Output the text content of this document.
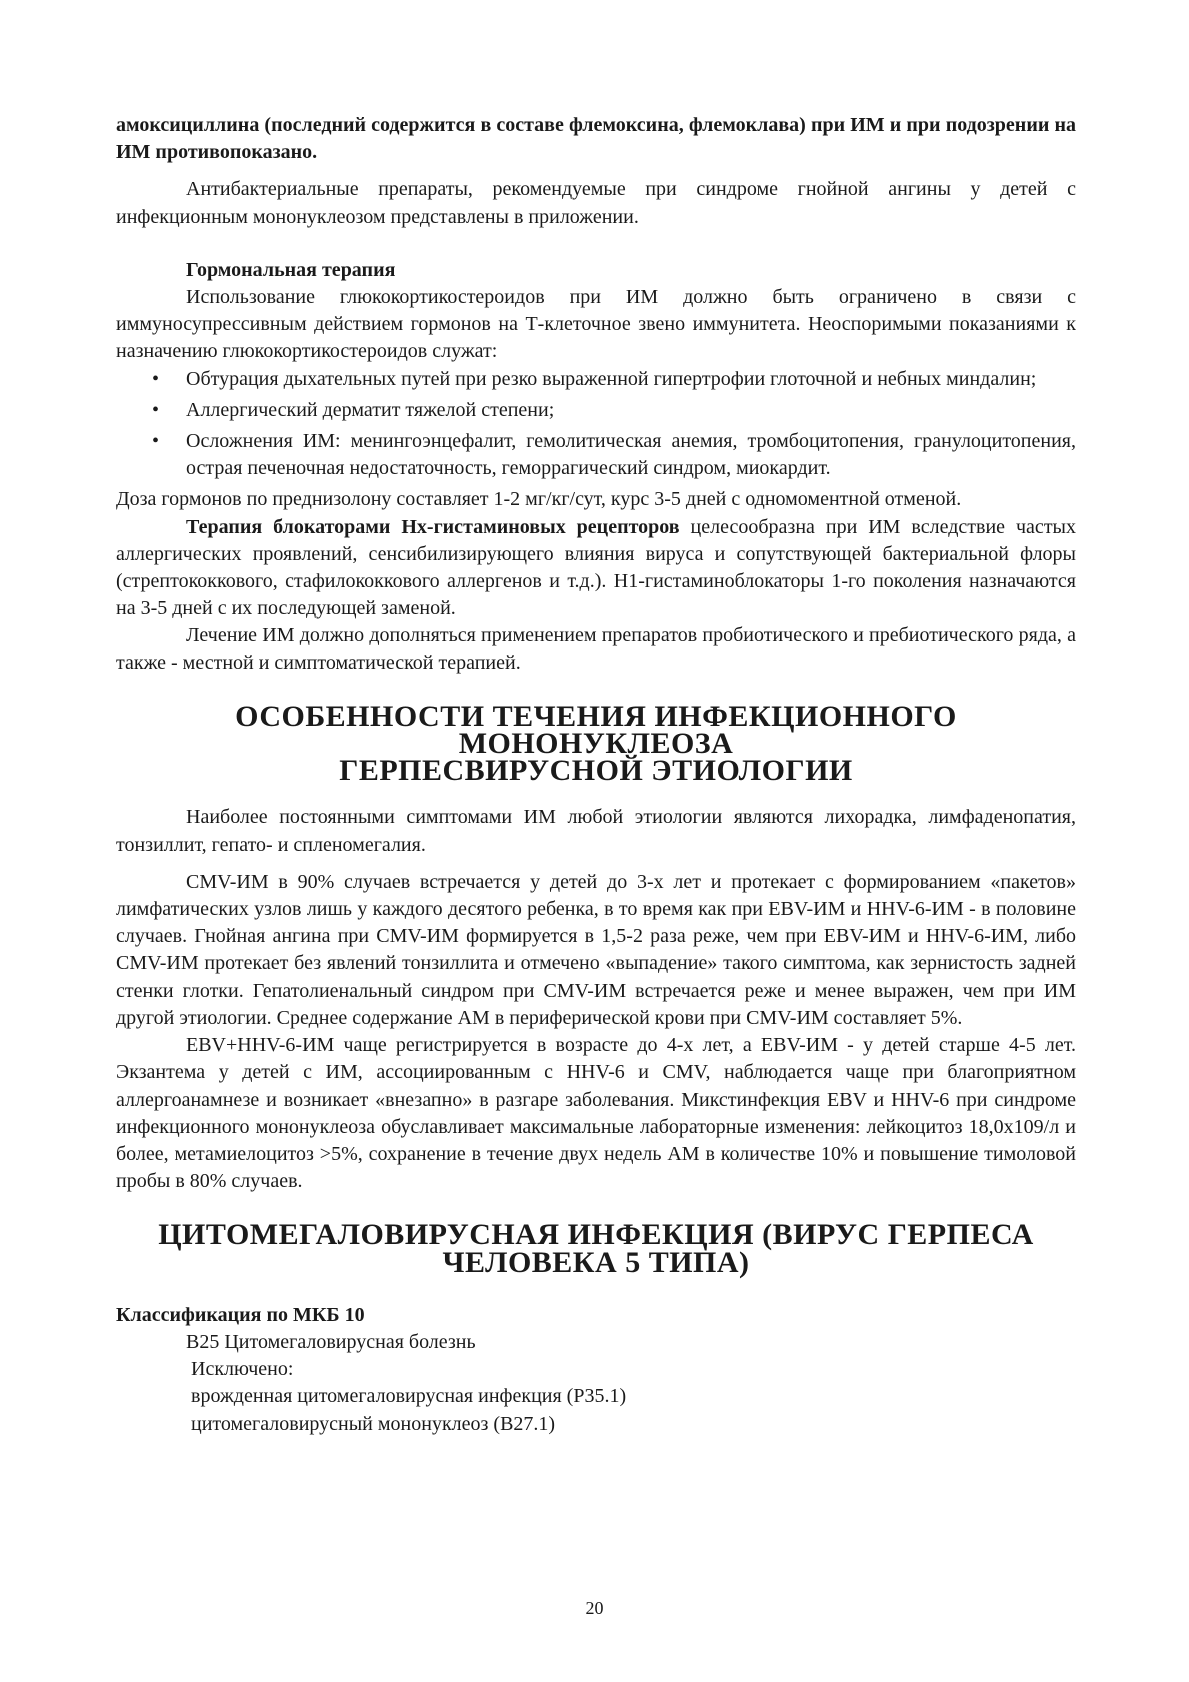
амоксициллина (последний содержится в составе флемоксина, флемоклава) при ИМ и при подозрении на ИМ противопоказано.

Антибактериальные препараты, рекомендуемые при синдроме гнойной ангины у детей с инфекционным мононуклеозом представлены в приложении.

Гормональная терапия

Использование глюкокортикостероидов при ИМ должно быть ограничено в связи с иммуносупрессивным действием гормонов на Т-клеточное звено иммунитета. Неоспоримыми показаниями к назначению глюкокортикостероидов служат:

• Обтурация дыхательных путей при резко выраженной гипертрофии глоточной и небных миндалин;
• Аллергический дерматит тяжелой степени;
• Осложнения ИМ: менингоэнцефалит, гемолитическая анемия, тромбоцитопения, гранулоцитопения, острая печеночная недостаточность, геморрагический синдром, миокардит.

Доза гормонов по преднизолону составляет 1-2 мг/кг/сут, курс 3-5 дней с одномоментной отменой.

Терапия блокаторами Нх-гистаминовых рецепторов целесообразна при ИМ вследствие частых аллергических проявлений, сенсибилизирующего влияния вируса и сопутствующей бактериальной флоры (стрептококкового, стафилококкового аллергенов и т.д.). Н1-гистаминоблокаторы 1-го поколения назначаются на 3-5 дней с их последующей заменой.

Лечение ИМ должно дополняться применением препаратов пробиотического и пребиотического ряда, а также - местной и симптоматической терапией.

ОСОБЕННОСТИ ТЕЧЕНИЯ ИНФЕКЦИОННОГО МОНОНУКЛЕОЗА
ГЕРПЕСВИРУСНОЙ ЭТИОЛОГИИ

Наиболее постоянными симптомами ИМ любой этиологии являются лихорадка, лимфаденопатия, тонзиллит, гепато- и спленомегалия.

CMV-ИМ в 90% случаев встречается у детей до 3-х лет и протекает с формированием «пакетов» лимфатических узлов лишь у каждого десятого ребенка, в то время как при EBV-ИМ и HHV-6-ИМ - в половине случаев. Гнойная ангина при CMV-ИМ формируется в 1,5-2 раза реже, чем при EBV-ИМ и HHV-6-ИМ, либо CMV-ИМ протекает без явлений тонзиллита и отмечено «выпадение» такого симптома, как зернистость задней стенки глотки. Гепатолиенальный синдром при CMV-ИМ встречается реже и менее выражен, чем при ИМ другой этиологии. Среднее содержание АМ в периферической крови при CMV-ИМ составляет 5%.

EBV+HHV-6-ИМ чаще регистрируется в возрасте до 4-х лет, а EBV-ИМ - у детей старше 4-5 лет. Экзантема у детей с ИМ, ассоциированным с HHV-6 и CMV, наблюдается чаще при благоприятном аллергоанамнезе и возникает «внезапно» в разгаре заболевания. Микстинфекция EBV и HHV-6 при синдроме инфекционного мононуклеоза обуславливает максимальные лабораторные изменения: лейкоцитоз 18,0x109/л и более, метамиелоцитоз >5%, сохранение в течение двух недель АМ в количестве 10% и повышение тимоловой пробы в 80% случаев.

ЦИТОМЕГАЛОВИРУСНАЯ ИНФЕКЦИЯ (ВИРУС ГЕРПЕСА ЧЕЛОВЕКА 5 ТИПА)

Классификация по МКБ 10

В25 Цитомегаловирусная болезнь

Исключено:

врожденная цитомегаловирусная инфекция (Р35.1)

цитомегаловирусный мононуклеоз (В27.1)

20
